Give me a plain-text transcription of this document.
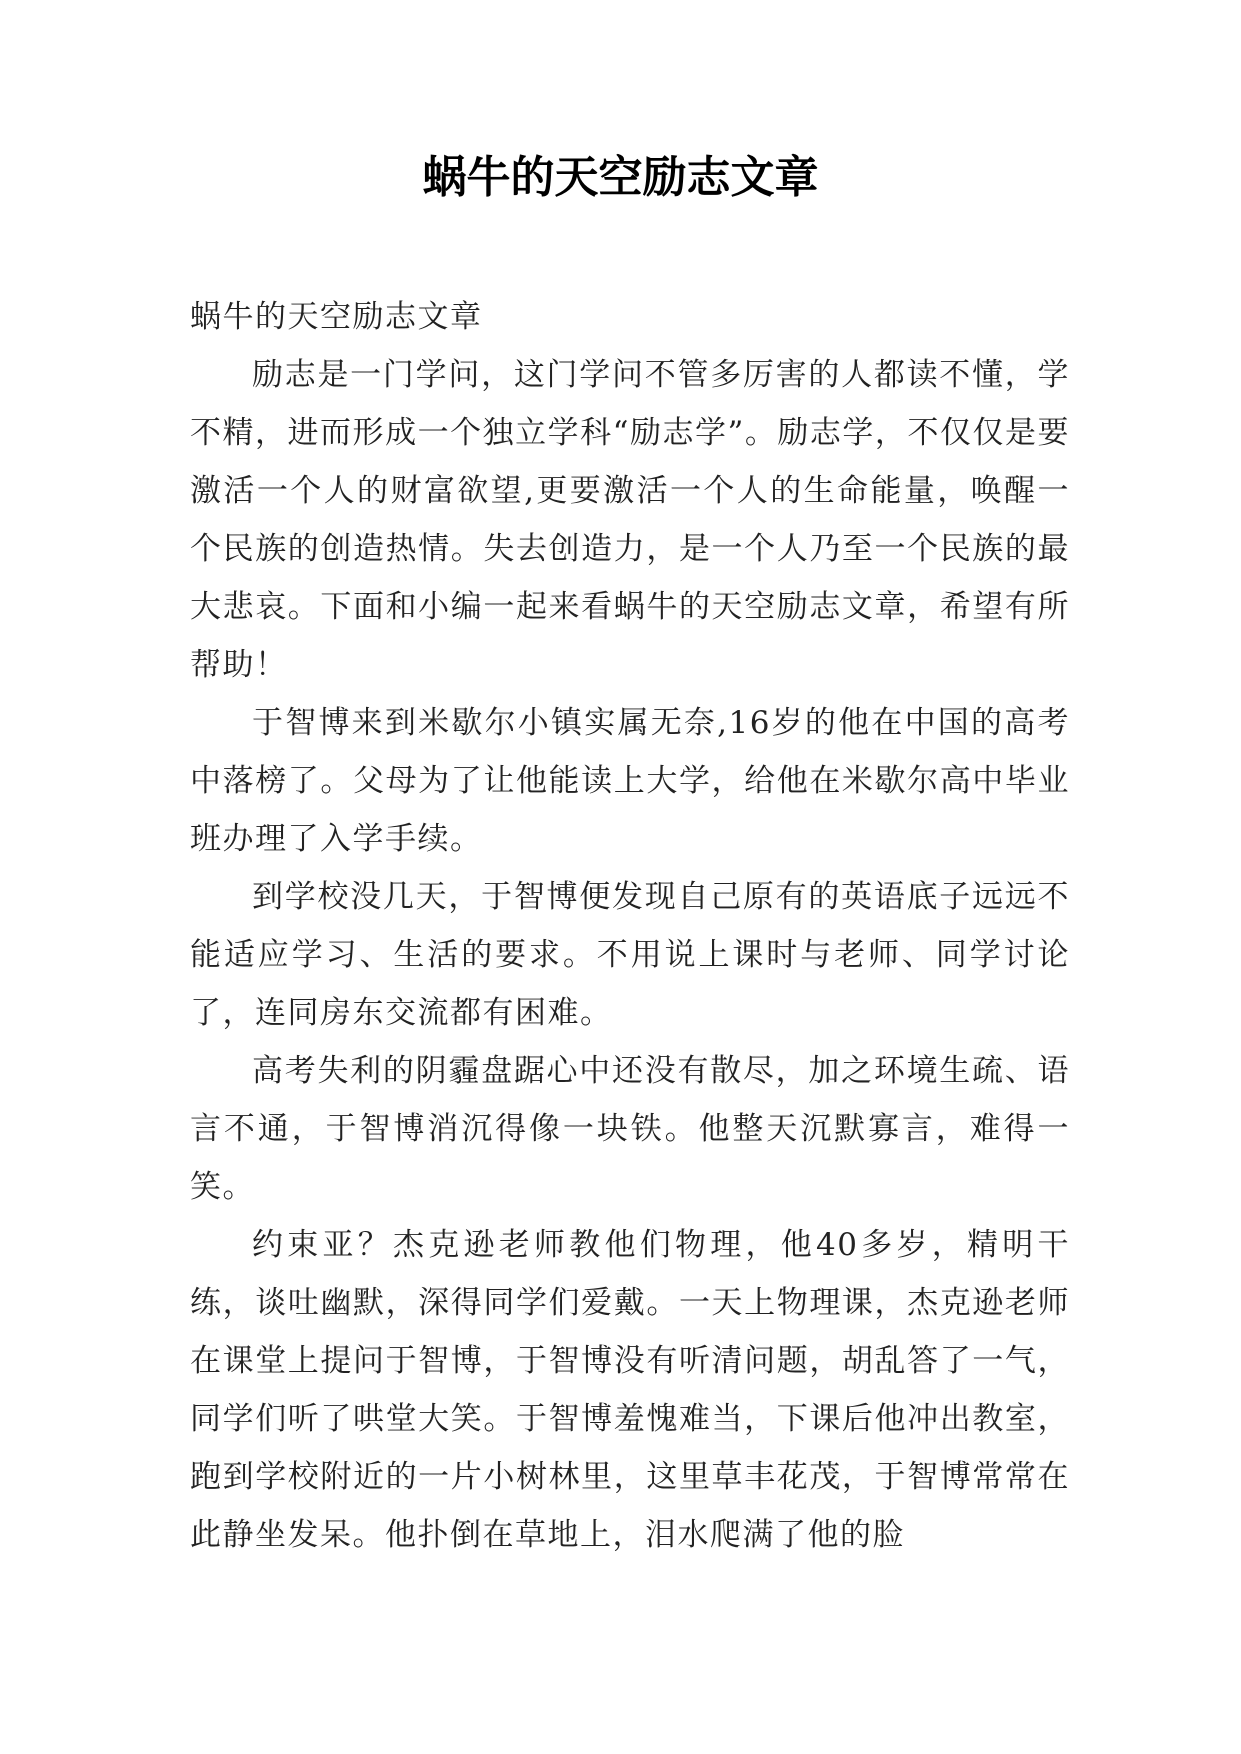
蜗牛的天空励志文章

蜗牛的天空励志文章

励志是一门学问，这门学问不管多厉害的人都读不懂，学不精，进而形成一个独立学科“励志学”。励志学，不仅仅是要激活一个人的财富欲望,更要激活一个人的生命能量，唤醒一个民族的创造热情。失去创造力，是一个人乃至一个民族的最大悲哀。下面和小编一起来看蜗牛的天空励志文章，希望有所帮助！

于智博来到米歇尔小镇实属无奈,16岁的他在中国的高考中落榜了。父母为了让他能读上大学，给他在米歇尔高中毕业班办理了入学手续。

到学校没几天，于智博便发现自己原有的英语底子远远不能适应学习、生活的要求。不用说上课时与老师、同学讨论了，连同房东交流都有困难。

高考失利的阴霾盘踞心中还没有散尽，加之环境生疏、语言不通，于智博消沉得像一块铁。他整天沉默寡言，难得一笑。

约束亚？杰克逊老师教他们物理，他40多岁，精明干练，谈吐幽默，深得同学们爱戴。一天上物理课，杰克逊老师在课堂上提问于智博，于智博没有听清问题，胡乱答了一气，同学们听了哄堂大笑。于智博羞愧难当，下课后他冲出教室，跑到学校附近的一片小树林里，这里草丰花茂，于智博常常在此静坐发呆。他扑倒在草地上，泪水爬满了他的脸
